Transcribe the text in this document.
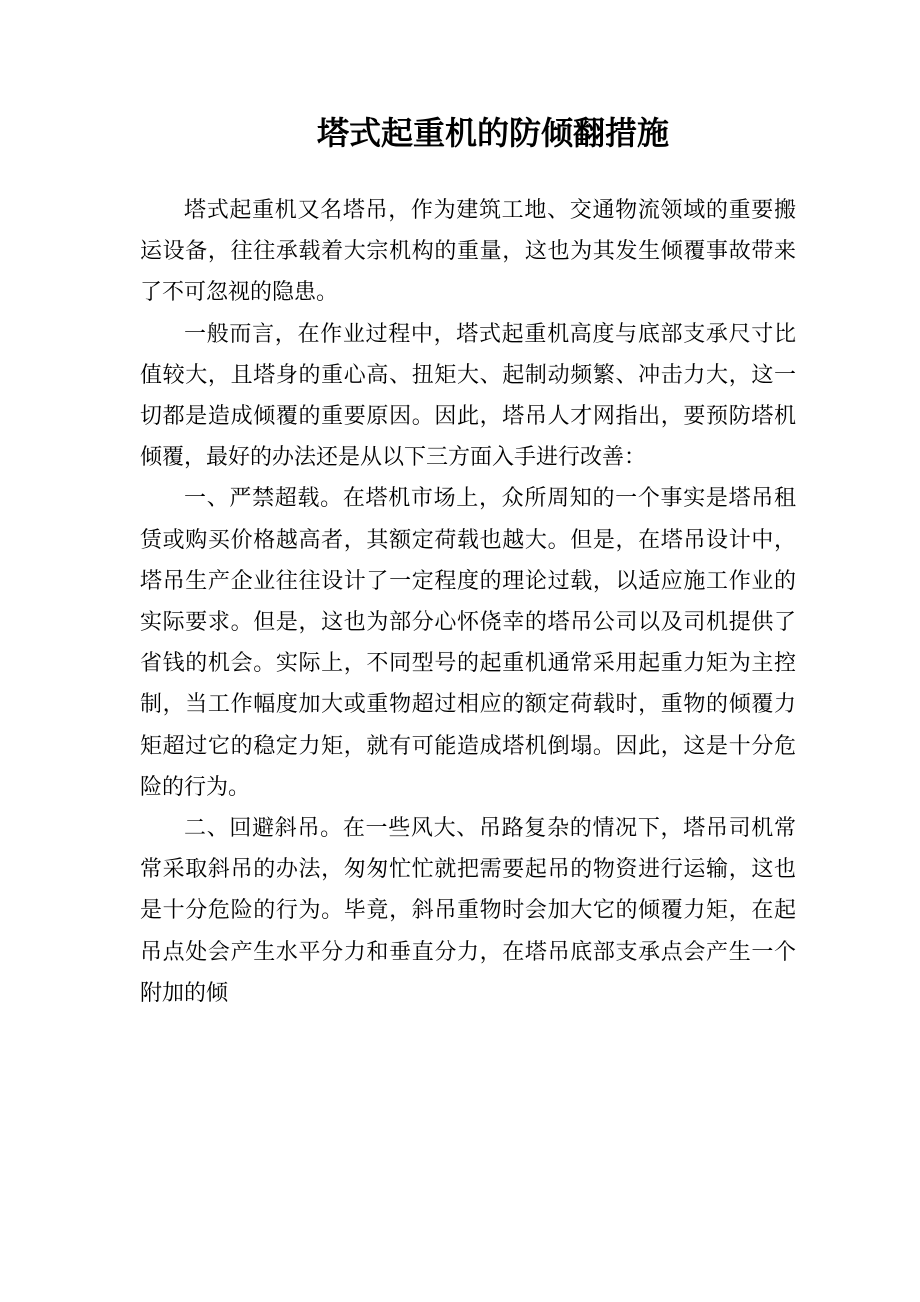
塔式起重机的防倾翻措施

塔式起重机又名塔吊，作为建筑工地、交通物流领域的重要搬运设备，往往承载着大宗机构的重量，这也为其发生倾覆事故带来了不可忽视的隐患。

一般而言，在作业过程中，塔式起重机高度与底部支承尺寸比值较大，且塔身的重心高、扭矩大、起制动频繁、冲击力大，这一切都是造成倾覆的重要原因。因此，塔吊人才网指出，要预防塔机倾覆，最好的办法还是从以下三方面入手进行改善：

一、严禁超载。在塔机市场上，众所周知的一个事实是塔吊租赁或购买价格越高者，其额定荷载也越大。但是，在塔吊设计中，塔吊生产企业往往设计了一定程度的理论过载，以适应施工作业的实际要求。但是，这也为部分心怀侥幸的塔吊公司以及司机提供了省钱的机会。实际上，不同型号的起重机通常采用起重力矩为主控制，当工作幅度加大或重物超过相应的额定荷载时，重物的倾覆力矩超过它的稳定力矩，就有可能造成塔机倒塌。因此，这是十分危险的行为。

二、回避斜吊。在一些风大、吊路复杂的情况下，塔吊司机常常采取斜吊的办法，匆匆忙忙就把需要起吊的物资进行运输，这也是十分危险的行为。毕竟，斜吊重物时会加大它的倾覆力矩，在起吊点处会产生水平分力和垂直分力，在塔吊底部支承点会产生一个附加的倾
